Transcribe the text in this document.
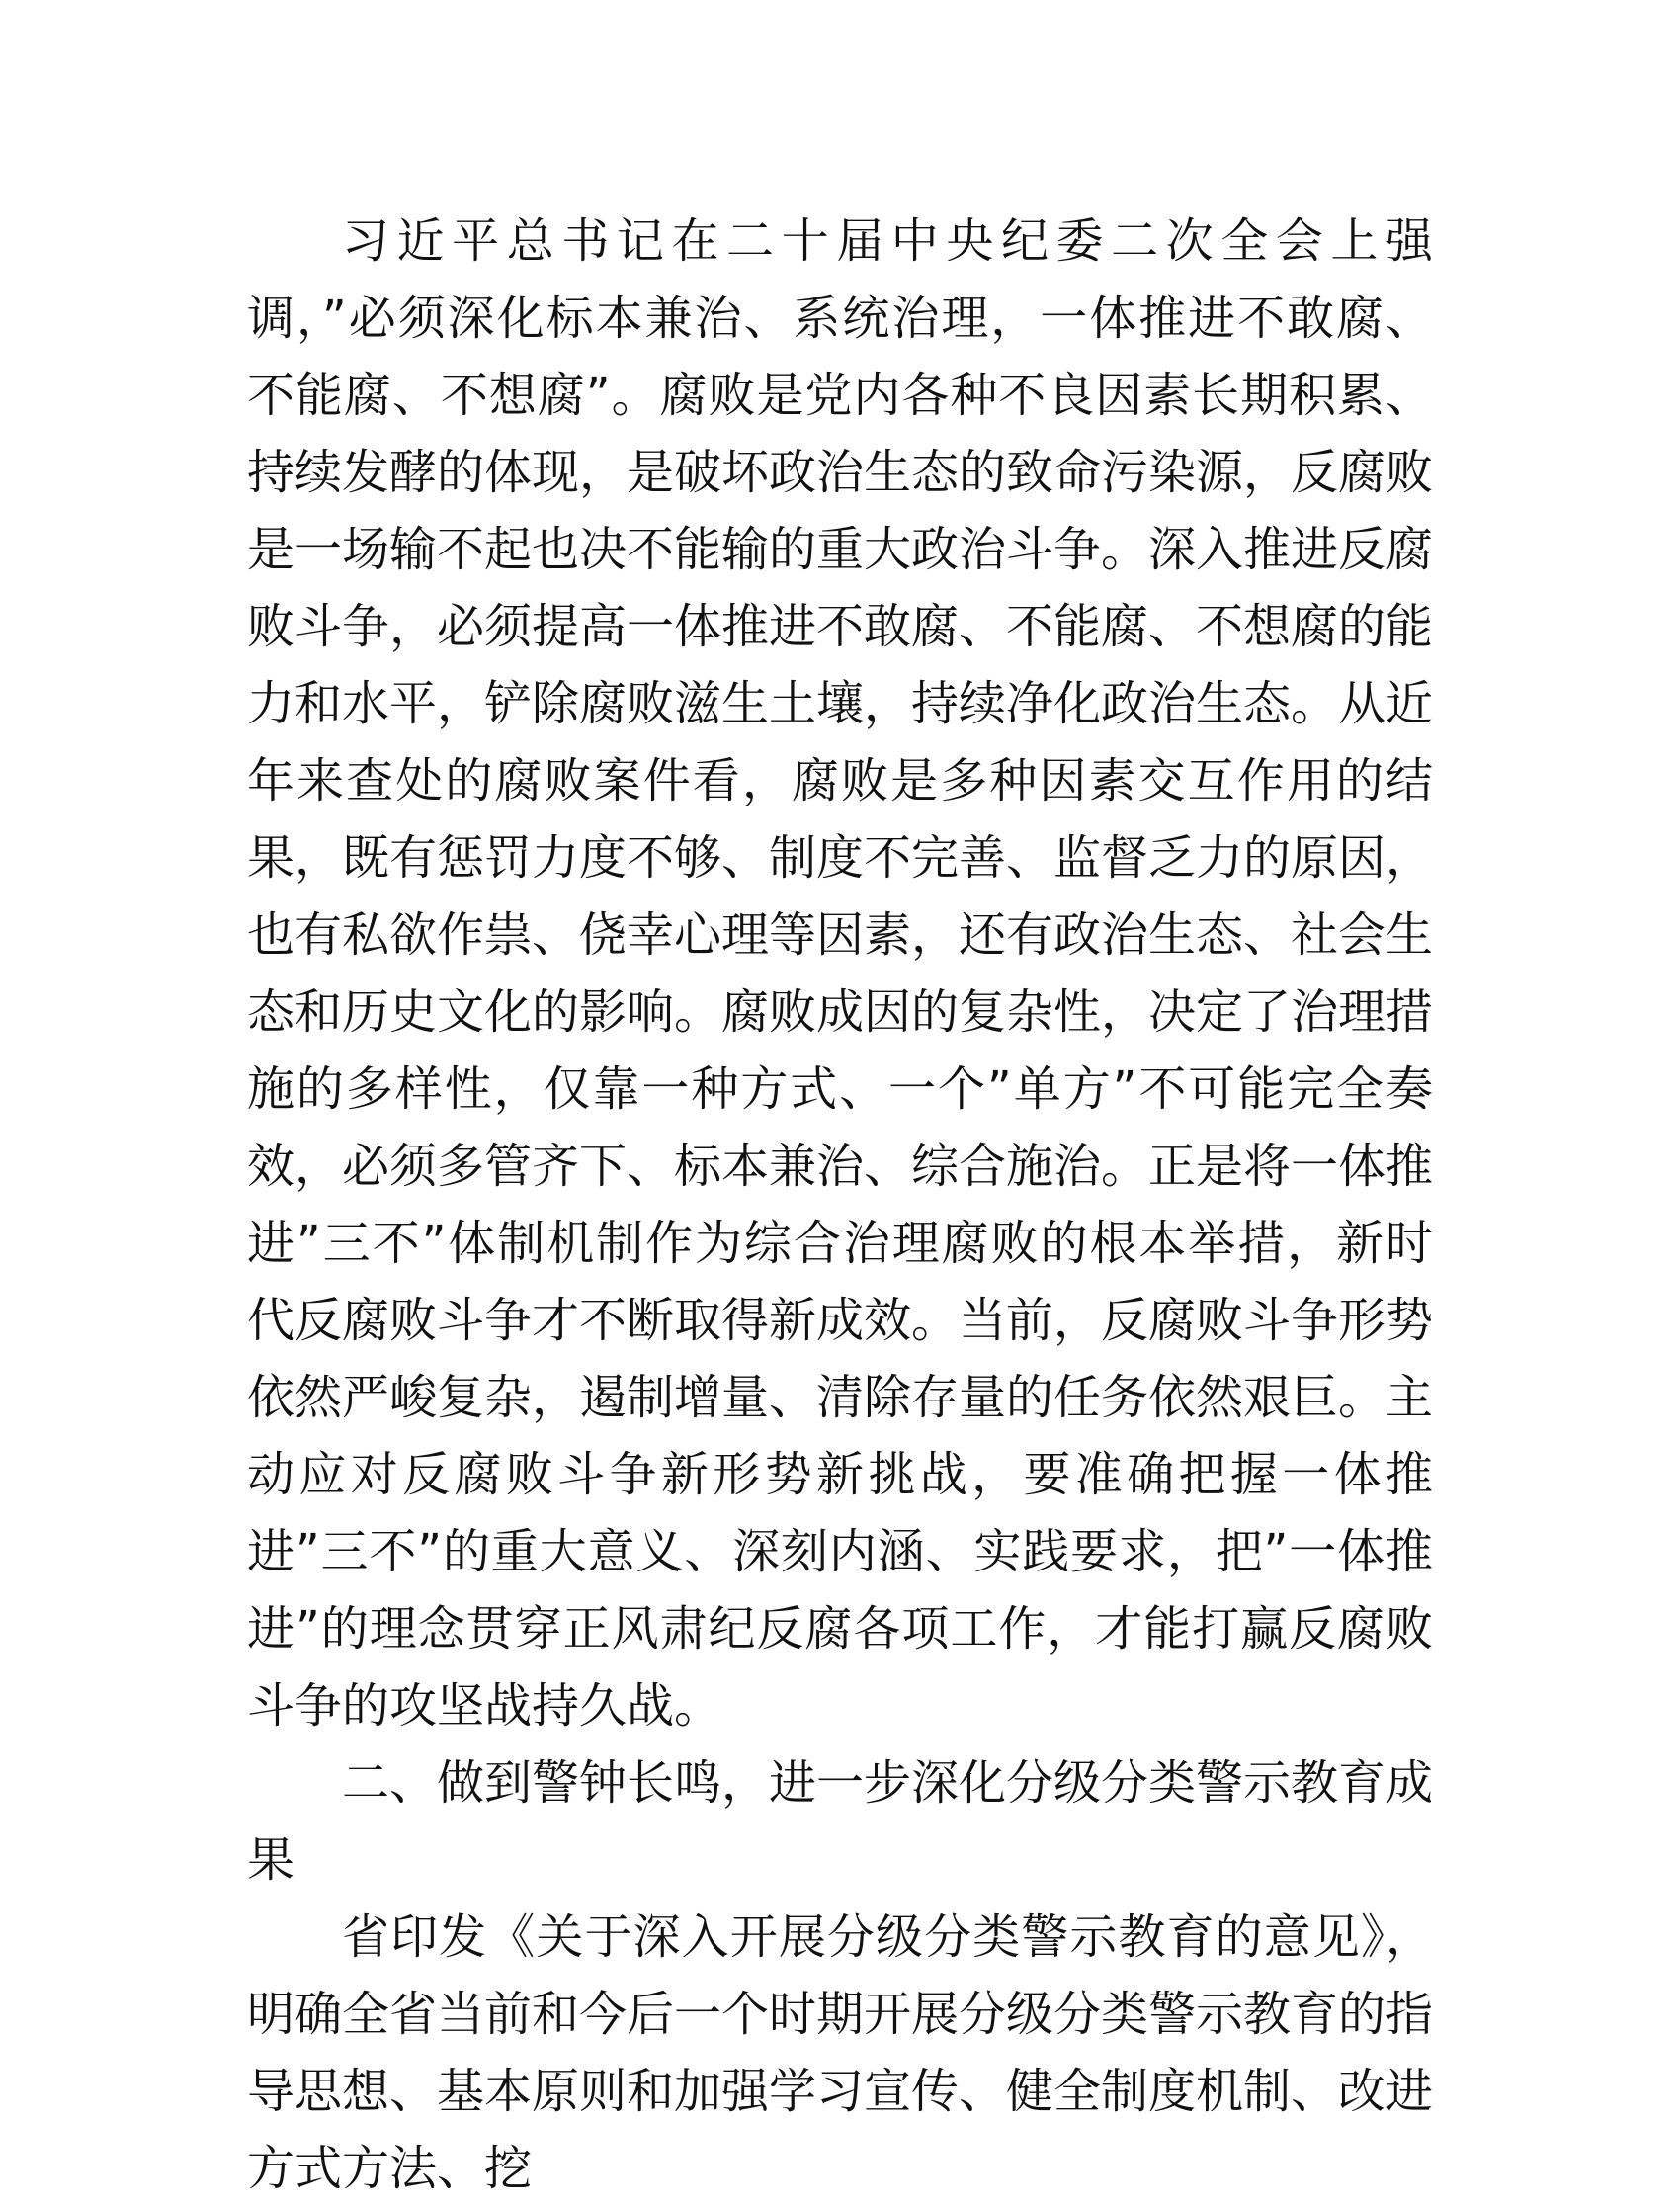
习近平总书记在二十届中央纪委二次全会上强调，”必须深化标本兼治、系统治理，一体推进不敢腐、不能腐、不想腐”。腐败是党内各种不良因素长期积累、持续发酵的体现，是破坏政治生态的致命污染源，反腐败是一场输不起也决不能输的重大政治斗争。深入推进反腐败斗争，必须提高一体推进不敢腐、不能腐、不想腐的能力和水平，铲除腐败滋生土壤，持续净化政治生态。从近年来查处的腐败案件看，腐败是多种因素交互作用的结果，既有惩罚力度不够、制度不完善、监督乏力的原因，也有私欲作祟、侥幸心理等因素，还有政治生态、社会生态和历史文化的影响。腐败成因的复杂性，决定了治理措施的多样性，仅靠一种方式、一个”单方”不可能完全奏效，必须多管齐下、标本兼治、综合施治。正是将一体推进”三不”体制机制作为综合治理腐败的根本举措，新时代反腐败斗争才不断取得新成效。当前，反腐败斗争形势依然严峻复杂，遏制增量、清除存量的任务依然艰巨。主动应对反腐败斗争新形势新挑战，要准确把握一体推进”三不”的重大意义、深刻内涵、实践要求，把”一体推进”的理念贯穿正风肃纪反腐各项工作，才能打赢反腐败斗争的攻坚战持久战。

二、做到警钟长鸣，进一步深化分级分类警示教育成果

省印发《关于深入开展分级分类警示教育的意见》，明确全省当前和今后一个时期开展分级分类警示教育的指导思想、基本原则和加强学习宣传、健全制度机制、改进方式方法、挖
